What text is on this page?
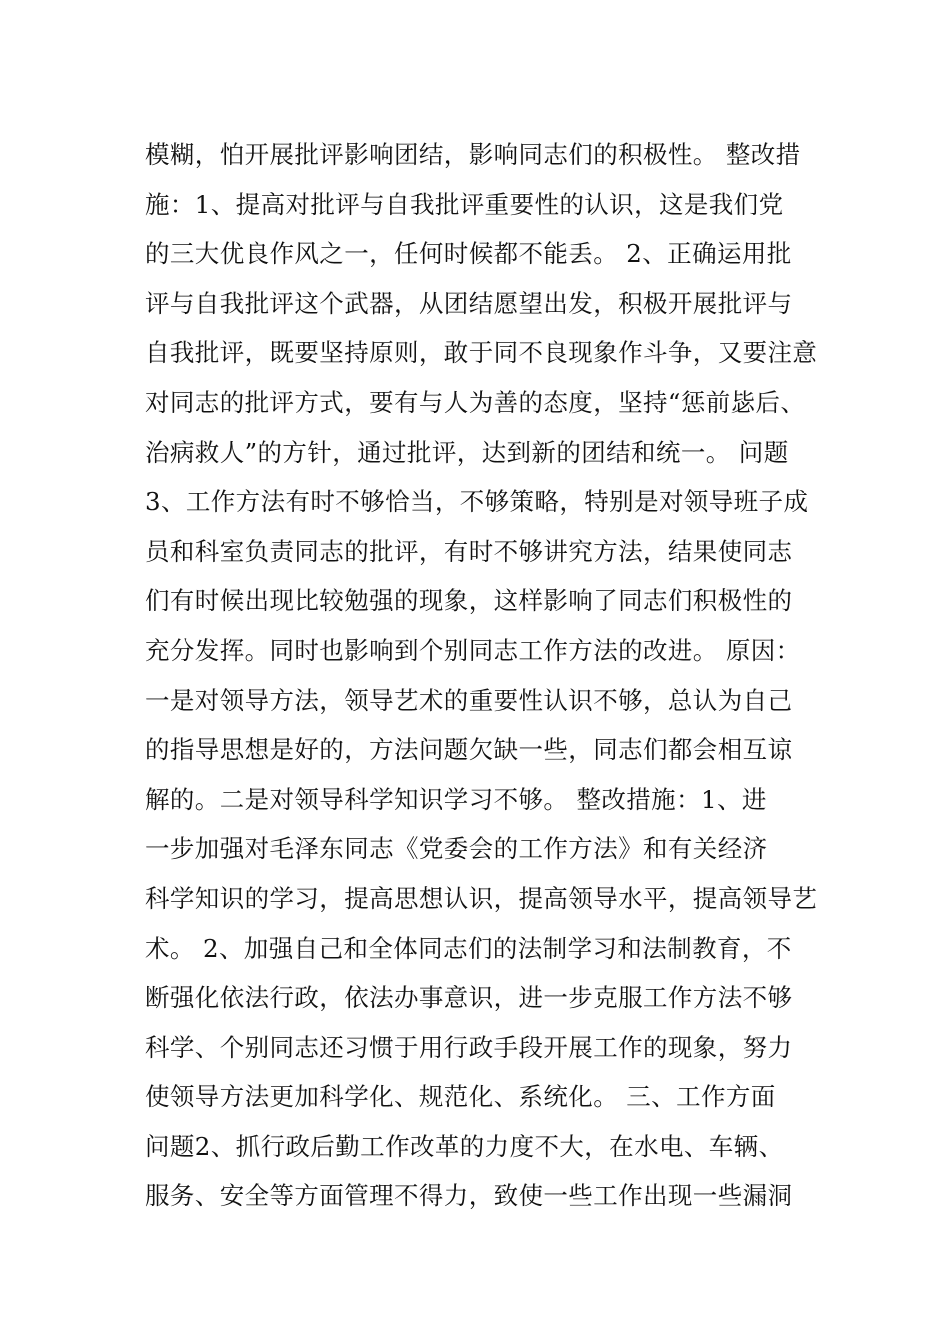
模糊，怕开展批评影响团结，影响同志们的积极性。 整改措
施：1、提高对批评与自我批评重要性的认识，这是我们党
的三大优良作风之一，任何时候都不能丢。 2、正确运用批
评与自我批评这个武器，从团结愿望出发，积极开展批评与
自我批评，既要坚持原则，敢于同不良现象作斗争，又要注意
对同志的批评方式，要有与人为善的态度，坚持“惩前毖后、
治病救人”的方针，通过批评，达到新的团结和统一。 问题
3、工作方法有时不够恰当，不够策略，特别是对领导班子成
员和科室负责同志的批评，有时不够讲究方法，结果使同志
们有时候出现比较勉强的现象，这样影响了同志们积极性的
充分发挥。同时也影响到个别同志工作方法的改进。 原因：
一是对领导方法，领导艺术的重要性认识不够，总认为自己
的指导思想是好的，方法问题欠缺一些，同志们都会相互谅
解的。二是对领导科学知识学习不够。 整改措施：1、进
一步加强对毛泽东同志《党委会的工作方法》和有关经济
科学知识的学习，提高思想认识，提高领导水平，提高领导艺
术。 2、加强自己和全体同志们的法制学习和法制教育，不
断强化依法行政，依法办事意识，进一步克服工作方法不够
科学、个别同志还习惯于用行政手段开展工作的现象，努力
使领导方法更加科学化、规范化、系统化。 三、工作方面
问题2、抓行政后勤工作改革的力度不大，在水电、车辆、
服务、安全等方面管理不得力，致使一些工作出现一些漏洞
